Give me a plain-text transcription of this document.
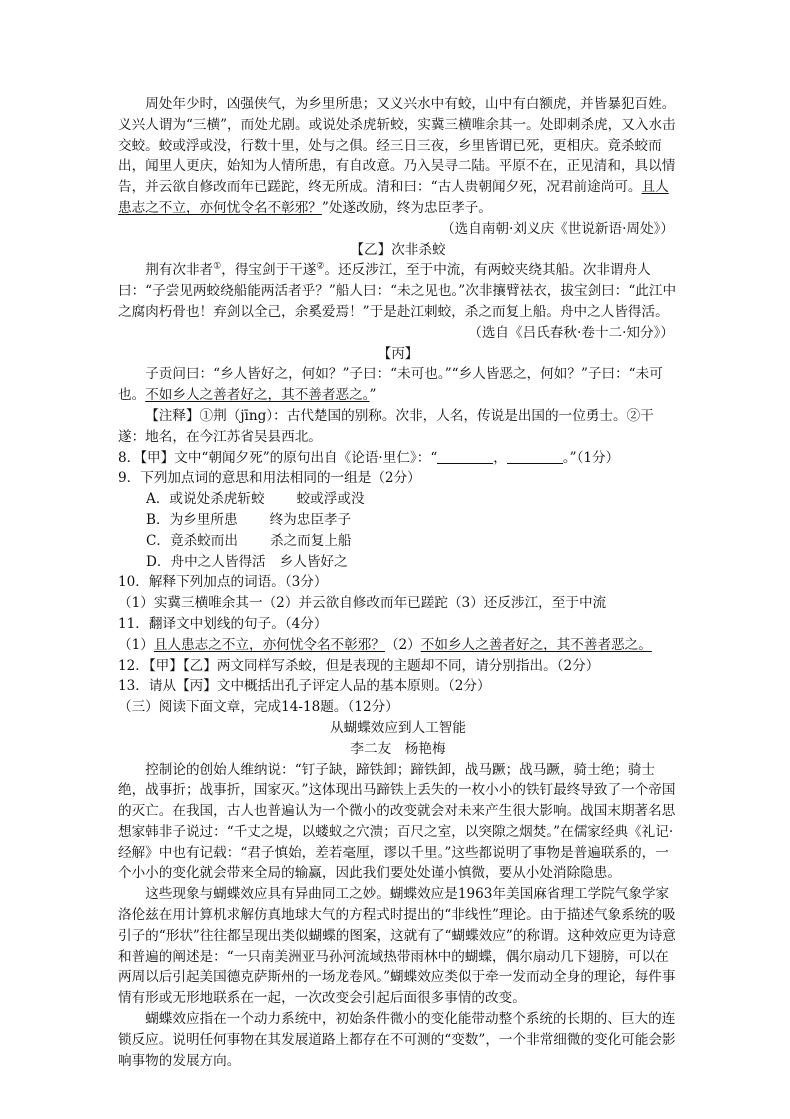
周处年少时，凶强侠气，为乡里所患；又义兴水中有蛟，山中有白额虎，并皆暴犯百姓。义兴人谓为“三横”，而处尤剧。或说处杀虎斩蛟，实冀三横唯余其一。处即刺杀虎，又入水击交蛟。蛟或浮或没，行数十里，处与之俱。经三日三夜，乡里皆谓已死，更相庆。竟杀蛟而出，闻里人更庆，始知为人情所患，有自改意。乃入吴寻二陆。平原不在，正见清和，具以情告，并云欲自修改而年已蹉跎，终无所成。清和曰：“古人贵朝闻夕死，况君前途尚可。且人患志之不立，亦何忧令名不彰邪？”处遂改励，终为忠臣孝子。

（选自南朝·刘义庆《世说新语·周处》）

【乙】次非杀蛟

荆有次非者①，得宝剑于干遂②。还反涉江，至于中流，有两蛟夹绕其船。次非谓舟人曰：“子尝见两蛟绕船能两活者乎？”船人曰：“未之见也。”次非攘臂祛衣，拔宝剑曰：“此江中之腐肉朽骨也！弃剑以全己，余奚爱焉！”于是赴江刺蛟，杀之而复上船。舟中之人皆得活。

（选自《吕氏春秋·卷十二·知分》）

【丙】

子贡问曰：“乡人皆好之，何如？”子曰：“未可也。”“乡人皆恶之，何如？”子曰：“未可也。不如乡人之善者好之，其不善者恶之。”

【注释】①荆（jīng）：古代楚国的别称。次非，人名，传说是出国的一位勇士。②干遂：地名，在今江苏省吴县西北。

8．【甲】文中“朝闻夕死”的原句出自《论语·里仁》：“	，	。”（1分）

9．下列加点词的意思和用法相同的一组是（2分）

A．或说处杀虎斩蛟 蛟或浮或没

B．为乡里所患 终为忠臣孝子

C．竟杀蛟而出 杀之而复上船

D．舟中之人皆得活 乡人皆好之

10．解释下列加点的词语。（3分）

（1）实冀三横唯余其一（2）并云欲自修改而年已蹉跎（3）还反涉江，至于中流

11．翻译文中划线的句子。（4分）

（1）且人患志之不立，亦何忧令名不彰邪？（2）不如乡人之善者好之，其不善者恶之。

12．【甲】【乙】两文同样写杀蛟，但是表现的主题却不同，请分别指出。（2分）

13．请从【丙】文中概括出孔子评定人品的基本原则。（2分）

（三）阅读下面文章，完成14-18题。（12分）

从蝴蝶效应到人工智能

李二友　杨艳梅

控制论的创始人维纳说：“钉子缺，蹄铁卸；蹄铁卸，战马蹶；战马蹶，骑士绝；骑士绝，战事折；战事折，国家灭。”这体现出马蹄铁上丢失的一枚小小的铁钉最终导致了一个帝国的灭亡。在我国，古人也普遍认为一个微小的改变就会对未来产生很大影响。战国末期著名思想家韩非子说过：“千丈之堤，以蝼蚁之穴溃；百尺之室，以突隙之烟焚。”在儒家经典《礼记·经解》中也有记载：“君子慎始，差若毫厘，谬以千里。”这些都说明了事物是普遍联系的，一个小小的变化就会带来全局的输赢，因此我们要处处谨小慎微，要从小处消除隐患。

这些现象与蝴蝶效应具有异曲同工之妙。蝴蝶效应是1963年美国麻省理工学院气象学家洛伦兹在用计算机求解仿真地球大气的方程式时提出的“非线性”理论。由于描述气象系统的吸引子的“形状”往往都呈现出类似蝴蝶的图案，这就有了“蝴蝶效应”的称谓。这种效应更为诗意和普遍的阐述是：“一只南美洲亚马孙河流域热带雨林中的蝴蝶，偶尔扇动几下翅膀，可以在两周以后引起美国德克萨斯州的一场龙卷风。”蝴蝶效应类似于牵一发而动全身的理论，每件事情有形或无形地联系在一起，一次改变会引起后面很多事情的改变。

蝴蝶效应指在一个动力系统中，初始条件微小的变化能带动整个系统的长期的、巨大的连锁反应。说明任何事物在其发展道路上都存在不可测的“变数”，一个非常细微的变化可能会影响事物的发展方向。
